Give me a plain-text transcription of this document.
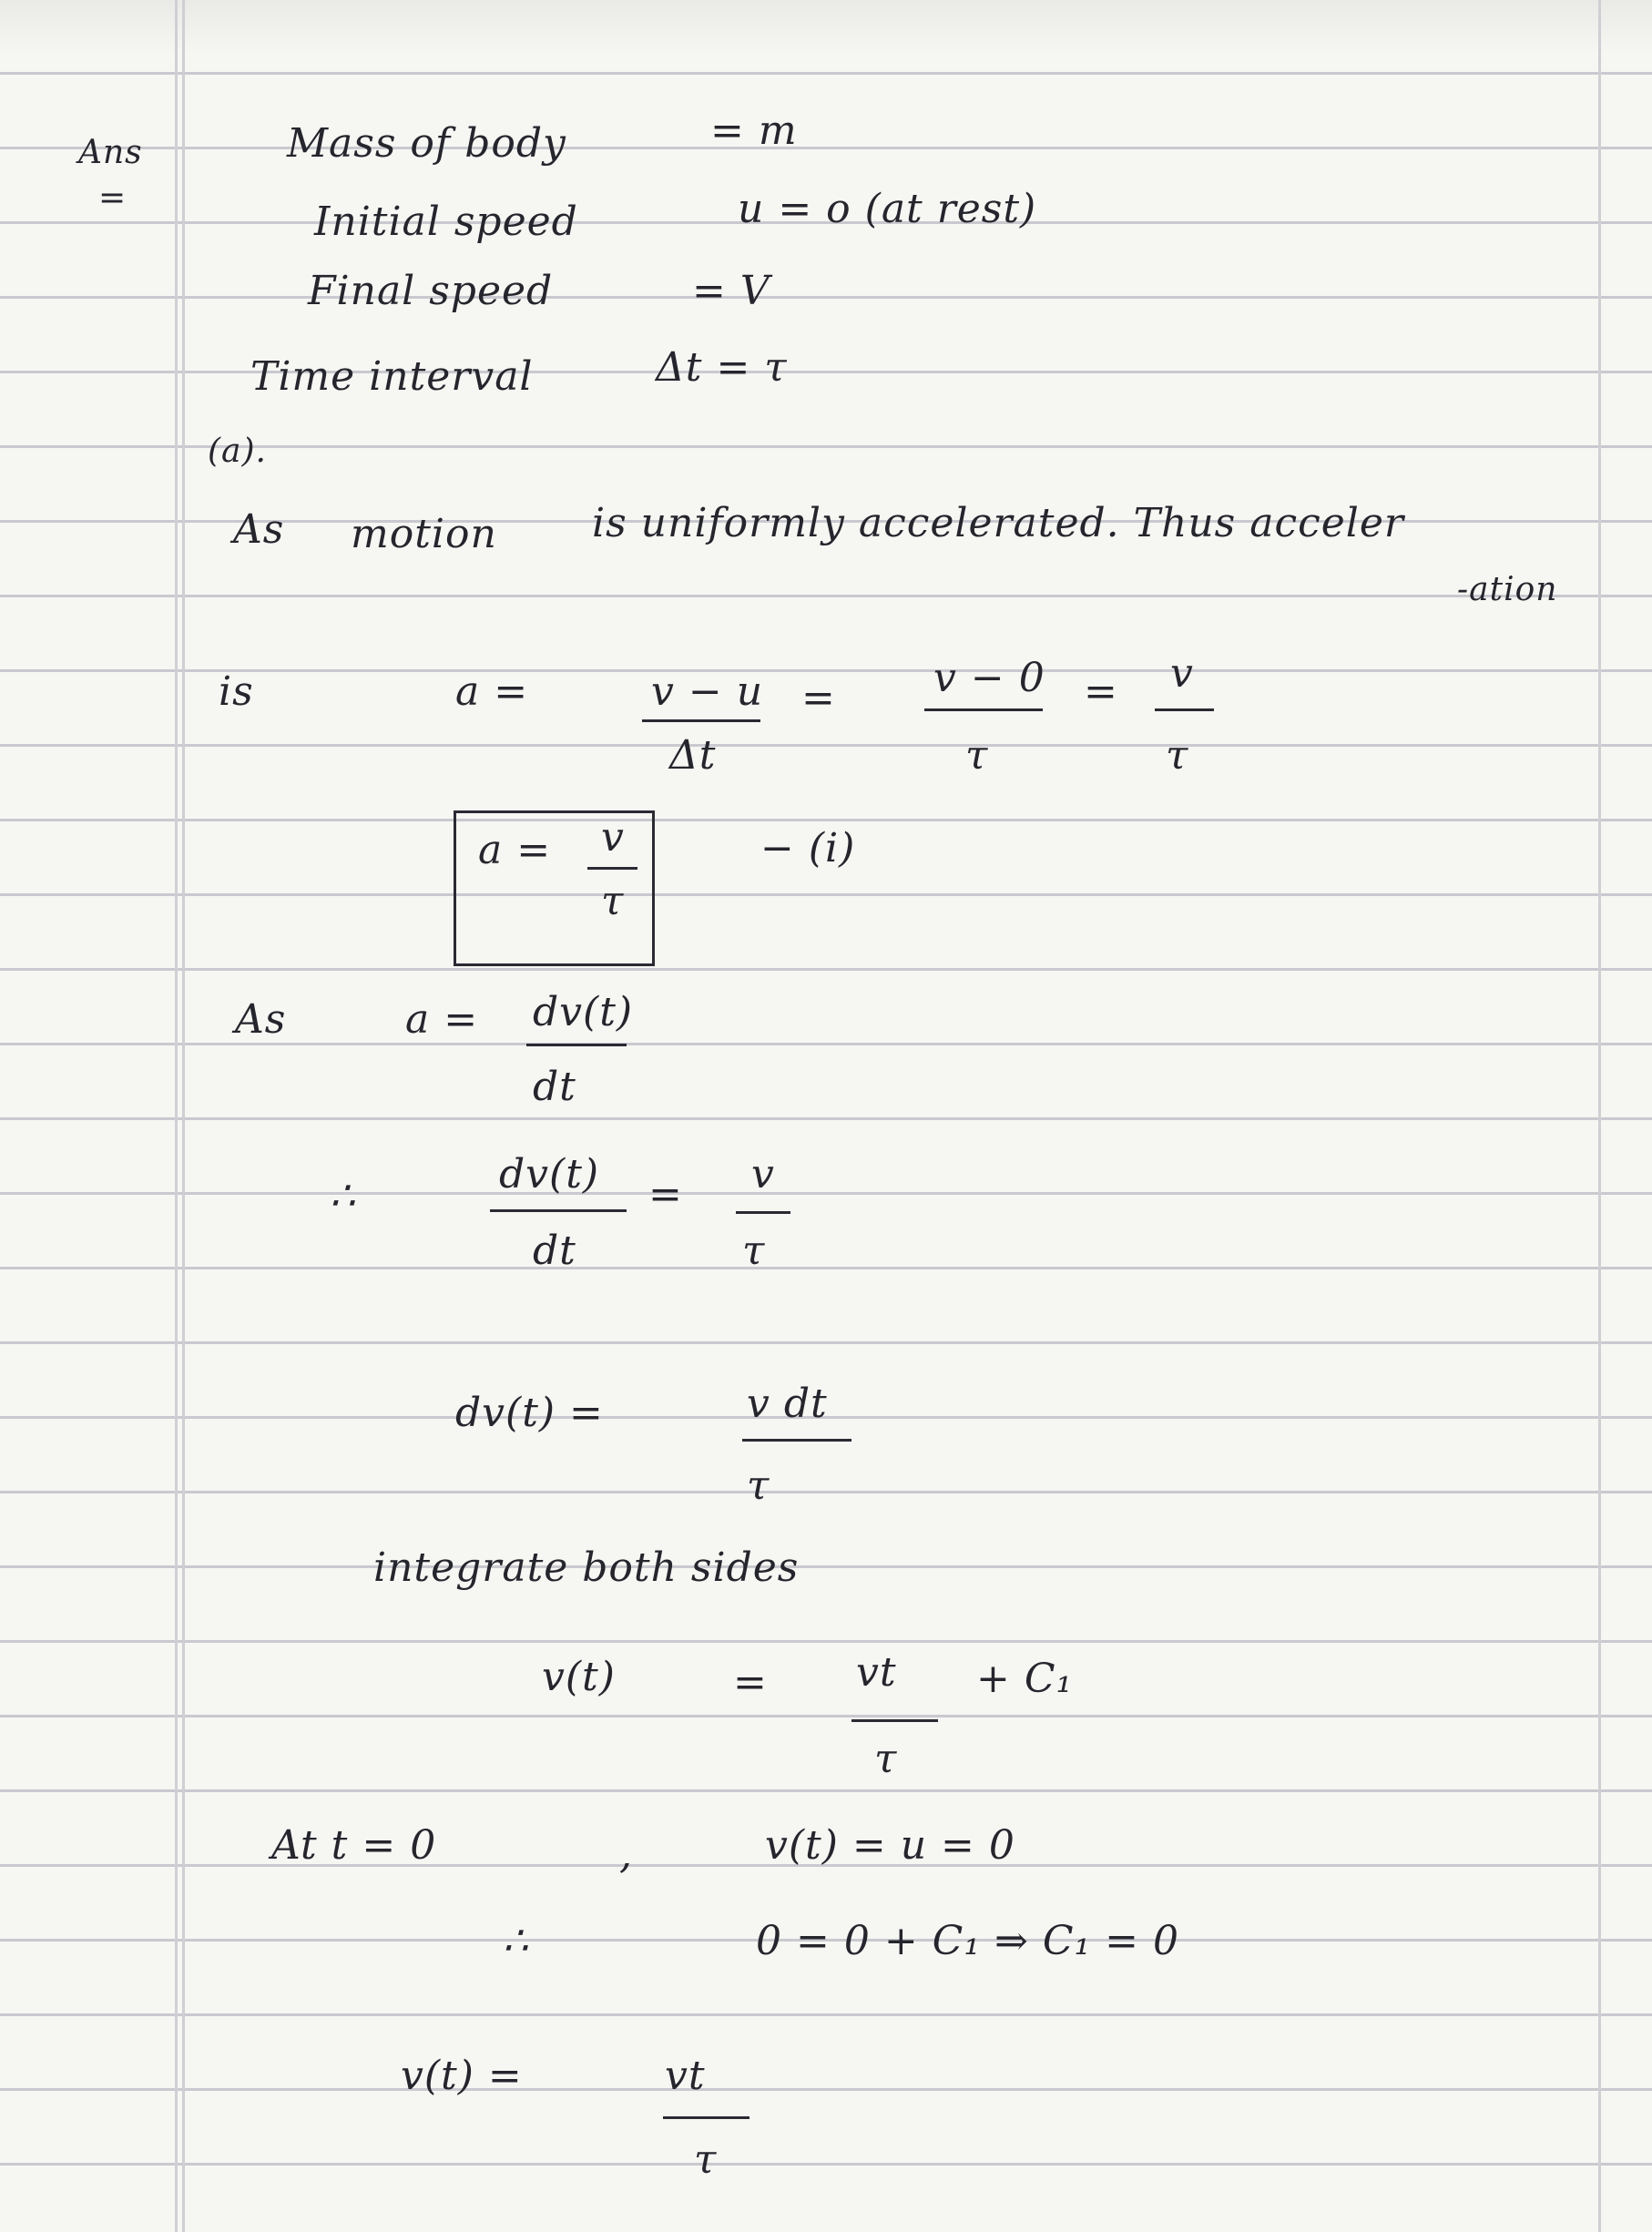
Ans
=
Mass of body	= m
Initial speed	u = o (at rest)
Final speed	= V
Time interval	Δt = τ
(a).
As motion is uniformly accelerated. Thus acceler
-ation
is	a =	v − u
Δt
= v − 0
τ
= v
τ
a = v
τ
− (i)
As	a = dv(t)
dt
∴	dv(t)
dt
= v
τ
dv(t) =	v dt
τ
integrate both sides
v(t)	= vt
τ
+ C₁
At t = 0	,	v(t) = u = 0
∴	0 = 0 + C₁ ⇒ C₁ = 0
v(t) =	vt
τ
